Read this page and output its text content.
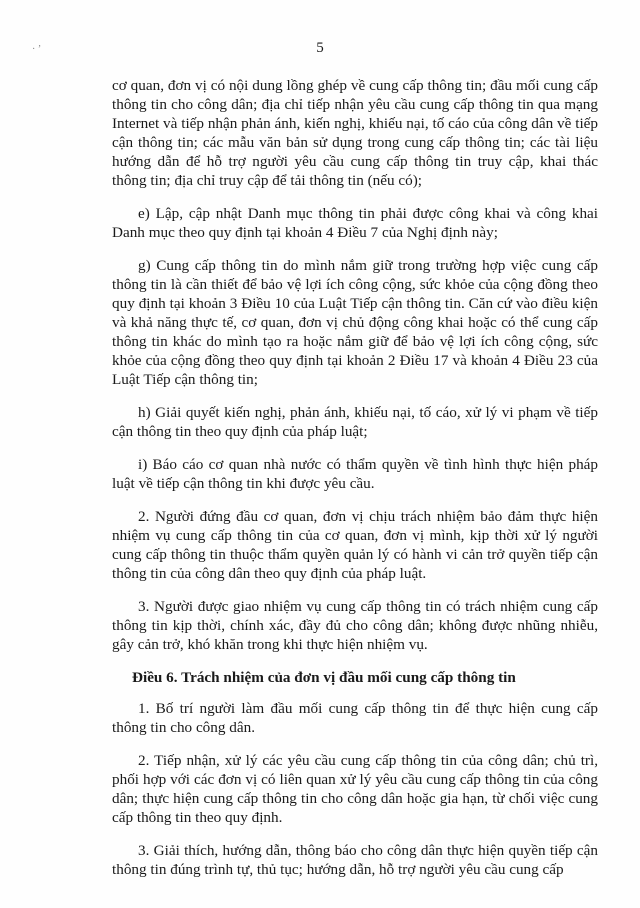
· ’	5
cơ quan, đơn vị có nội dung lồng ghép về cung cấp thông tin; đầu mối cung cấp
thông tin cho công dân; địa chỉ tiếp nhận yêu cầu cung cấp thông tin qua mạng
Internet và tiếp nhận phản ánh, kiến nghị, khiếu nại, tố cáo của công dân về tiếp
cận thông tin; các mẫu văn bản sử dụng trong cung cấp thông tin; các tài liệu
hướng dẫn để hỗ trợ người yêu cầu cung cấp thông tin truy cập, khai thác
thông tin; địa chỉ truy cập để tải thông tin (nếu có);
e) Lập, cập nhật Danh mục thông tin phải được công khai và công khai
Danh mục theo quy định tại khoản 4 Điều 7 của Nghị định này;
g) Cung cấp thông tin do mình nắm giữ trong trường hợp việc cung cấp
thông tin là cần thiết để bảo vệ lợi ích công cộng, sức khỏe của cộng đồng theo
quy định tại khoản 3 Điều 10 của Luật Tiếp cận thông tin. Căn cứ vào điều kiện
và khả năng thực tế, cơ quan, đơn vị chủ động công khai hoặc có thể cung cấp
thông tin khác do mình tạo ra hoặc nắm giữ để bảo vệ lợi ích công cộng, sức
khỏe của cộng đồng theo quy định tại khoản 2 Điều 17 và khoản 4 Điều 23 của
Luật Tiếp cận thông tin;
h) Giải quyết kiến nghị, phản ánh, khiếu nại, tố cáo, xử lý vi phạm về tiếp
cận thông tin theo quy định của pháp luật;
i) Báo cáo cơ quan nhà nước có thẩm quyền về tình hình thực hiện pháp
luật về tiếp cận thông tin khi được yêu cầu.
2. Người đứng đầu cơ quan, đơn vị chịu trách nhiệm bảo đảm thực hiện
nhiệm vụ cung cấp thông tin của cơ quan, đơn vị mình, kịp thời xử lý người
cung cấp thông tin thuộc thẩm quyền quản lý có hành vi cản trở quyền tiếp cận
thông tin của công dân theo quy định của pháp luật.
3. Người được giao nhiệm vụ cung cấp thông tin có trách nhiệm cung cấp
thông tin kịp thời, chính xác, đầy đủ cho công dân; không được nhũng nhiễu,
gây cản trở, khó khăn trong khi thực hiện nhiệm vụ.
Điều 6. Trách nhiệm của đơn vị đầu mối cung cấp thông tin
1. Bố trí người làm đầu mối cung cấp thông tin để thực hiện cung cấp
thông tin cho công dân.
2. Tiếp nhận, xử lý các yêu cầu cung cấp thông tin của công dân; chủ trì,
phối hợp với các đơn vị có liên quan xử lý yêu cầu cung cấp thông tin của công
dân; thực hiện cung cấp thông tin cho công dân hoặc gia hạn, từ chối việc cung
cấp thông tin theo quy định.
3. Giải thích, hướng dẫn, thông báo cho công dân thực hiện quyền tiếp cận
thông tin đúng trình tự, thủ tục; hướng dẫn, hỗ trợ người yêu cầu cung cấp
